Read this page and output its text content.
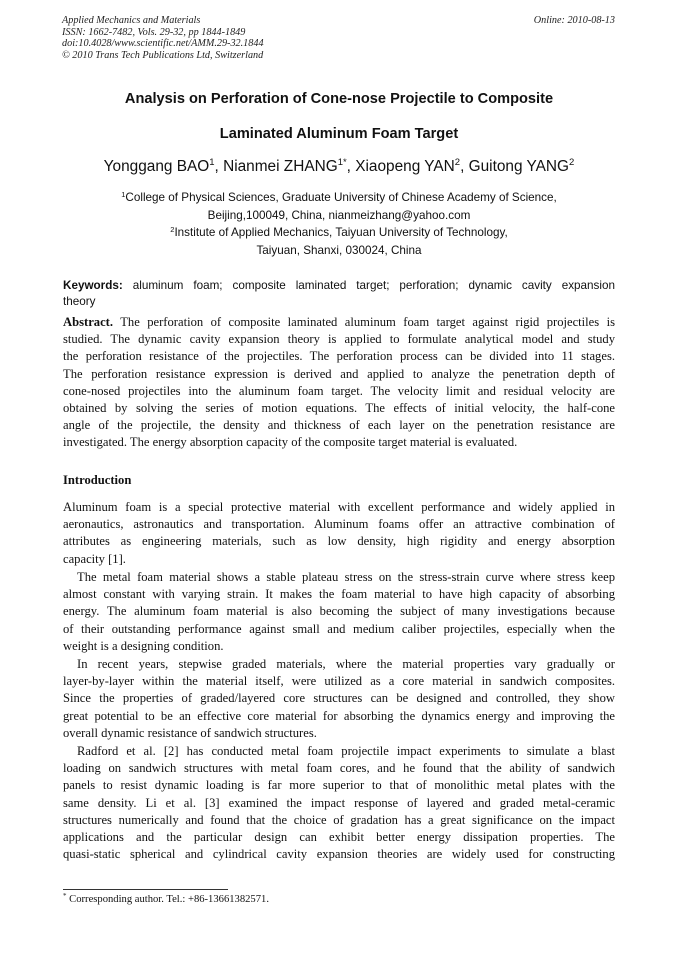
Applied Mechanics and Materials
ISSN: 1662-7482, Vols. 29-32, pp 1844-1849
doi:10.4028/www.scientific.net/AMM.29-32.1844
© 2010 Trans Tech Publications Ltd, Switzerland
Online: 2010-08-13
Analysis on Perforation of Cone-nose Projectile to Composite
Laminated Aluminum Foam Target
Yonggang BAO$^1$, Nianmei $ZHANG^{1*}$, Xiaopeng YAN$^2$, Guitong YANG$^2$
$^1$College of Physical Sciences, Graduate University of Chinese Academy of Science,
Beijing,100049, China, nianmeizhang@yahoo.com
$^2$Institute of Applied Mechanics, Taiyuan University of Technology,
Taiyuan, Shanxi, 030024, China
Keywords: aluminum foam; composite laminated target; perforation; dynamic cavity expansion
theory
Abstract. The perforation of composite laminated aluminum foam target against rigid projectiles is
studied. The dynamic cavity expansion theory is applied to formulate analytical model and study
the perforation resistance of the projectiles. The perforation process can be divided into 11 stages.
The perforation resistance expression is derived and applied to analyze the penetration depth of
cone-nosed projectiles into the aluminum foam target. The velocity limit and residual velocity are
obtained by solving the series of motion equations. The effects of initial velocity, the half-cone
angle of the projectile, the density and thickness of each layer on the penetration resistance are
investigated. The energy absorption capacity of the composite target material is evaluated.
Introduction
Aluminum foam is a special protective material with excellent performance and widely applied in
aeronautics, astronautics and transportation. Aluminum foams offer an attractive combination of
attributes as engineering materials, such as low density, high rigidity and energy absorption
capacity [1].
The metal foam material shows a stable plateau stress on the stress-strain curve where stress keep
almost constant with varying strain. It makes the foam material to have high capacity of absorbing
energy. The aluminum foam material is also becoming the subject of many investigations because
of their outstanding performance against small and medium caliber projectiles, especially when the
weight is a designing condition.
In recent years, stepwise graded materials, where the material properties vary gradually or
layer-by-layer within the material itself, were utilized as a core material in sandwich composites.
Since the properties of graded/layered core structures can be designed and controlled, they show
great potential to be an effective core material for absorbing the dynamics energy and improving the
overall dynamic resistance of sandwich structures.
Radford et al. [2] has conducted metal foam projectile impact experiments to simulate a blast
loading on sandwich structures with metal foam cores, and he found that the ability of sandwich
panels to resist dynamic loading is far more superior to that of monolithic metal plates with the
same density. Li et al. [3] examined the impact response of layered and graded metal-ceramic
structures numerically and found that the choice of gradation has a great significance on the impact
applications and the particular design can exhibit better energy dissipation properties. The
quasi-static spherical and cylindrical cavity expansion theories are widely used for constructing
* Corresponding author. Tel.: +86-13661382571.
